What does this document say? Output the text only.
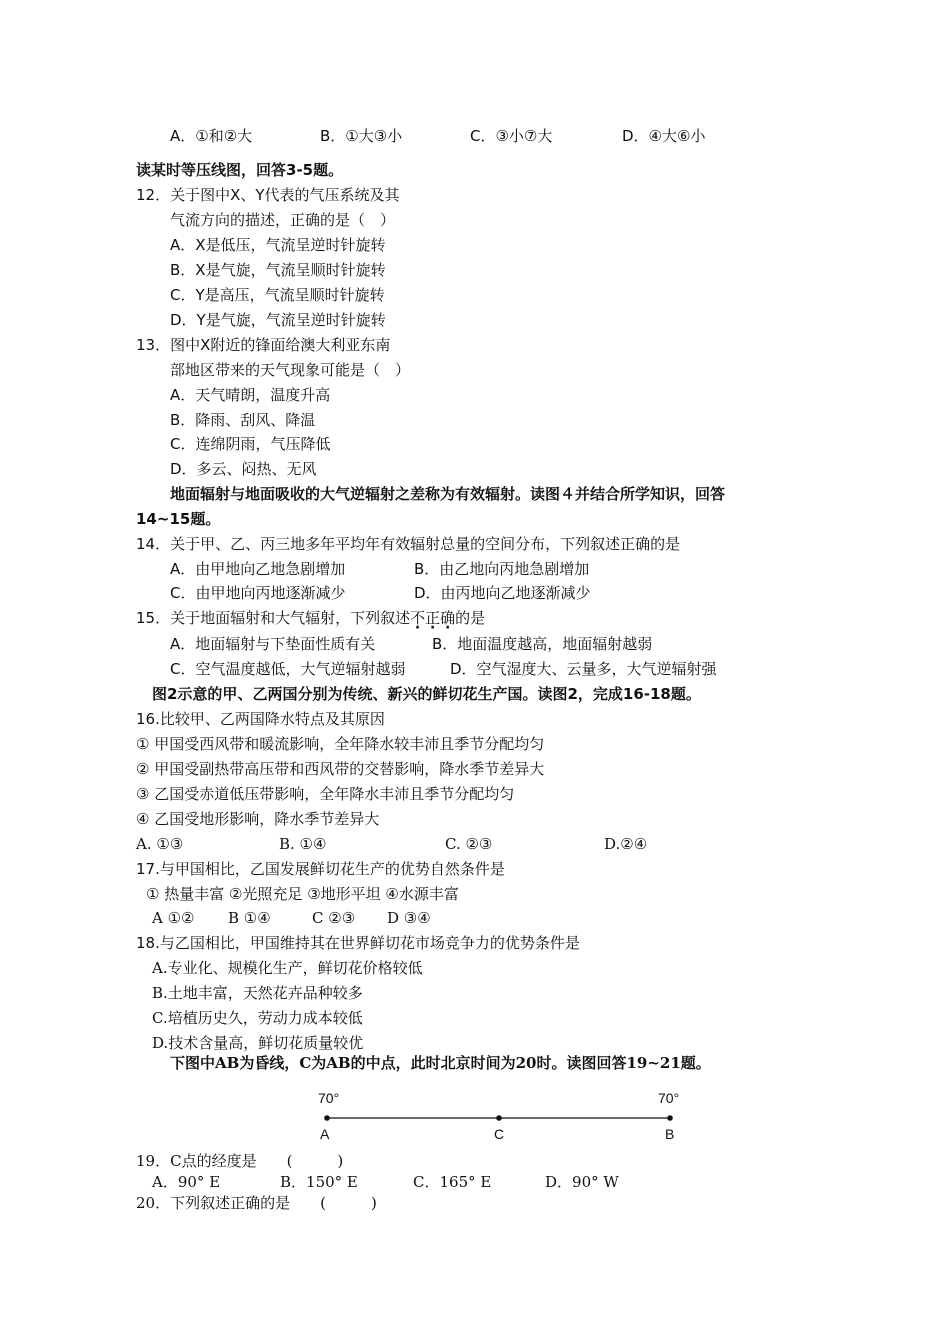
A．①和②大	B．①大③小	C．③小⑦大	D．④大⑥小
读某时等压线图，回答3-5题。
12．关于图中X、Y代表的气压系统及其
气流方向的描述，正确的是（　）
A．X是低压，气流呈逆时针旋转
B．X是气旋，气流呈顺时针旋转
C．Y是高压，气流呈顺时针旋转
D．Y是气旋，气流呈逆时针旋转
13．图中X附近的锋面给澳大利亚东南
部地区带来的天气现象可能是（　）
A．天气晴朗，温度升高
B．降雨、刮风、降温
C．连绵阴雨，气压降低
D．多云、闷热、无风
地面辐射与地面吸收的大气逆辐射之差称为有效辐射。读图４并结合所学知识，回答
14~15题。
14．关于甲、乙、丙三地多年平均年有效辐射总量的空间分布，下列叙述正确的是
A．由甲地向乙地急剧增加	B．由乙地向丙地急剧增加
C．由甲地向丙地逐渐减少	D．由丙地向乙地逐渐减少
15．关于地面辐射和大气辐射，下列叙述不正确的是
A．地面辐射与下垫面性质有关	B．地面温度越高，地面辐射越弱
C．空气温度越低，大气逆辐射越弱	D．空气湿度大、云量多，大气逆辐射强
图2示意的甲、乙两国分别为传统、新兴的鲜切花生产国。读图2，完成16-18题。
16.比较甲、乙两国降水特点及其原因
① 甲国受西风带和暖流影响，全年降水较丰沛且季节分配均匀
② 甲国受副热带高压带和西风带的交替影响，降水季节差异大
③ 乙国受赤道低压带影响，全年降水丰沛且季节分配均匀
④ 乙国受地形影响，降水季节差异大
A. ①③	B. ①④	C. ②③	D.②④
17.与甲国相比，乙国发展鲜切花生产的优势自然条件是
① 热量丰富 ②光照充足 ③地形平坦 ④水源丰富
A ①② B ①④	C ②③ D ③④
18.与乙国相比，甲国维持其在世界鲜切花市场竞争力的优势条件是
A.专业化、规模化生产，鲜切花价格较低
B.土地丰富，天然花卉品种较多
C.培植历史久，劳动力成本较低
D.技术含量高，鲜切花质量较优
下图中AB为昏线，C为AB的中点，此时北京时间为20时。读图回答19~21题。
70°	70°
A	C	B
19．C点的经度是　　(　　　)
A．90° E	B．150° E	C．165° E	D．90° W
20．下列叙述正确的是　　(　　　)
